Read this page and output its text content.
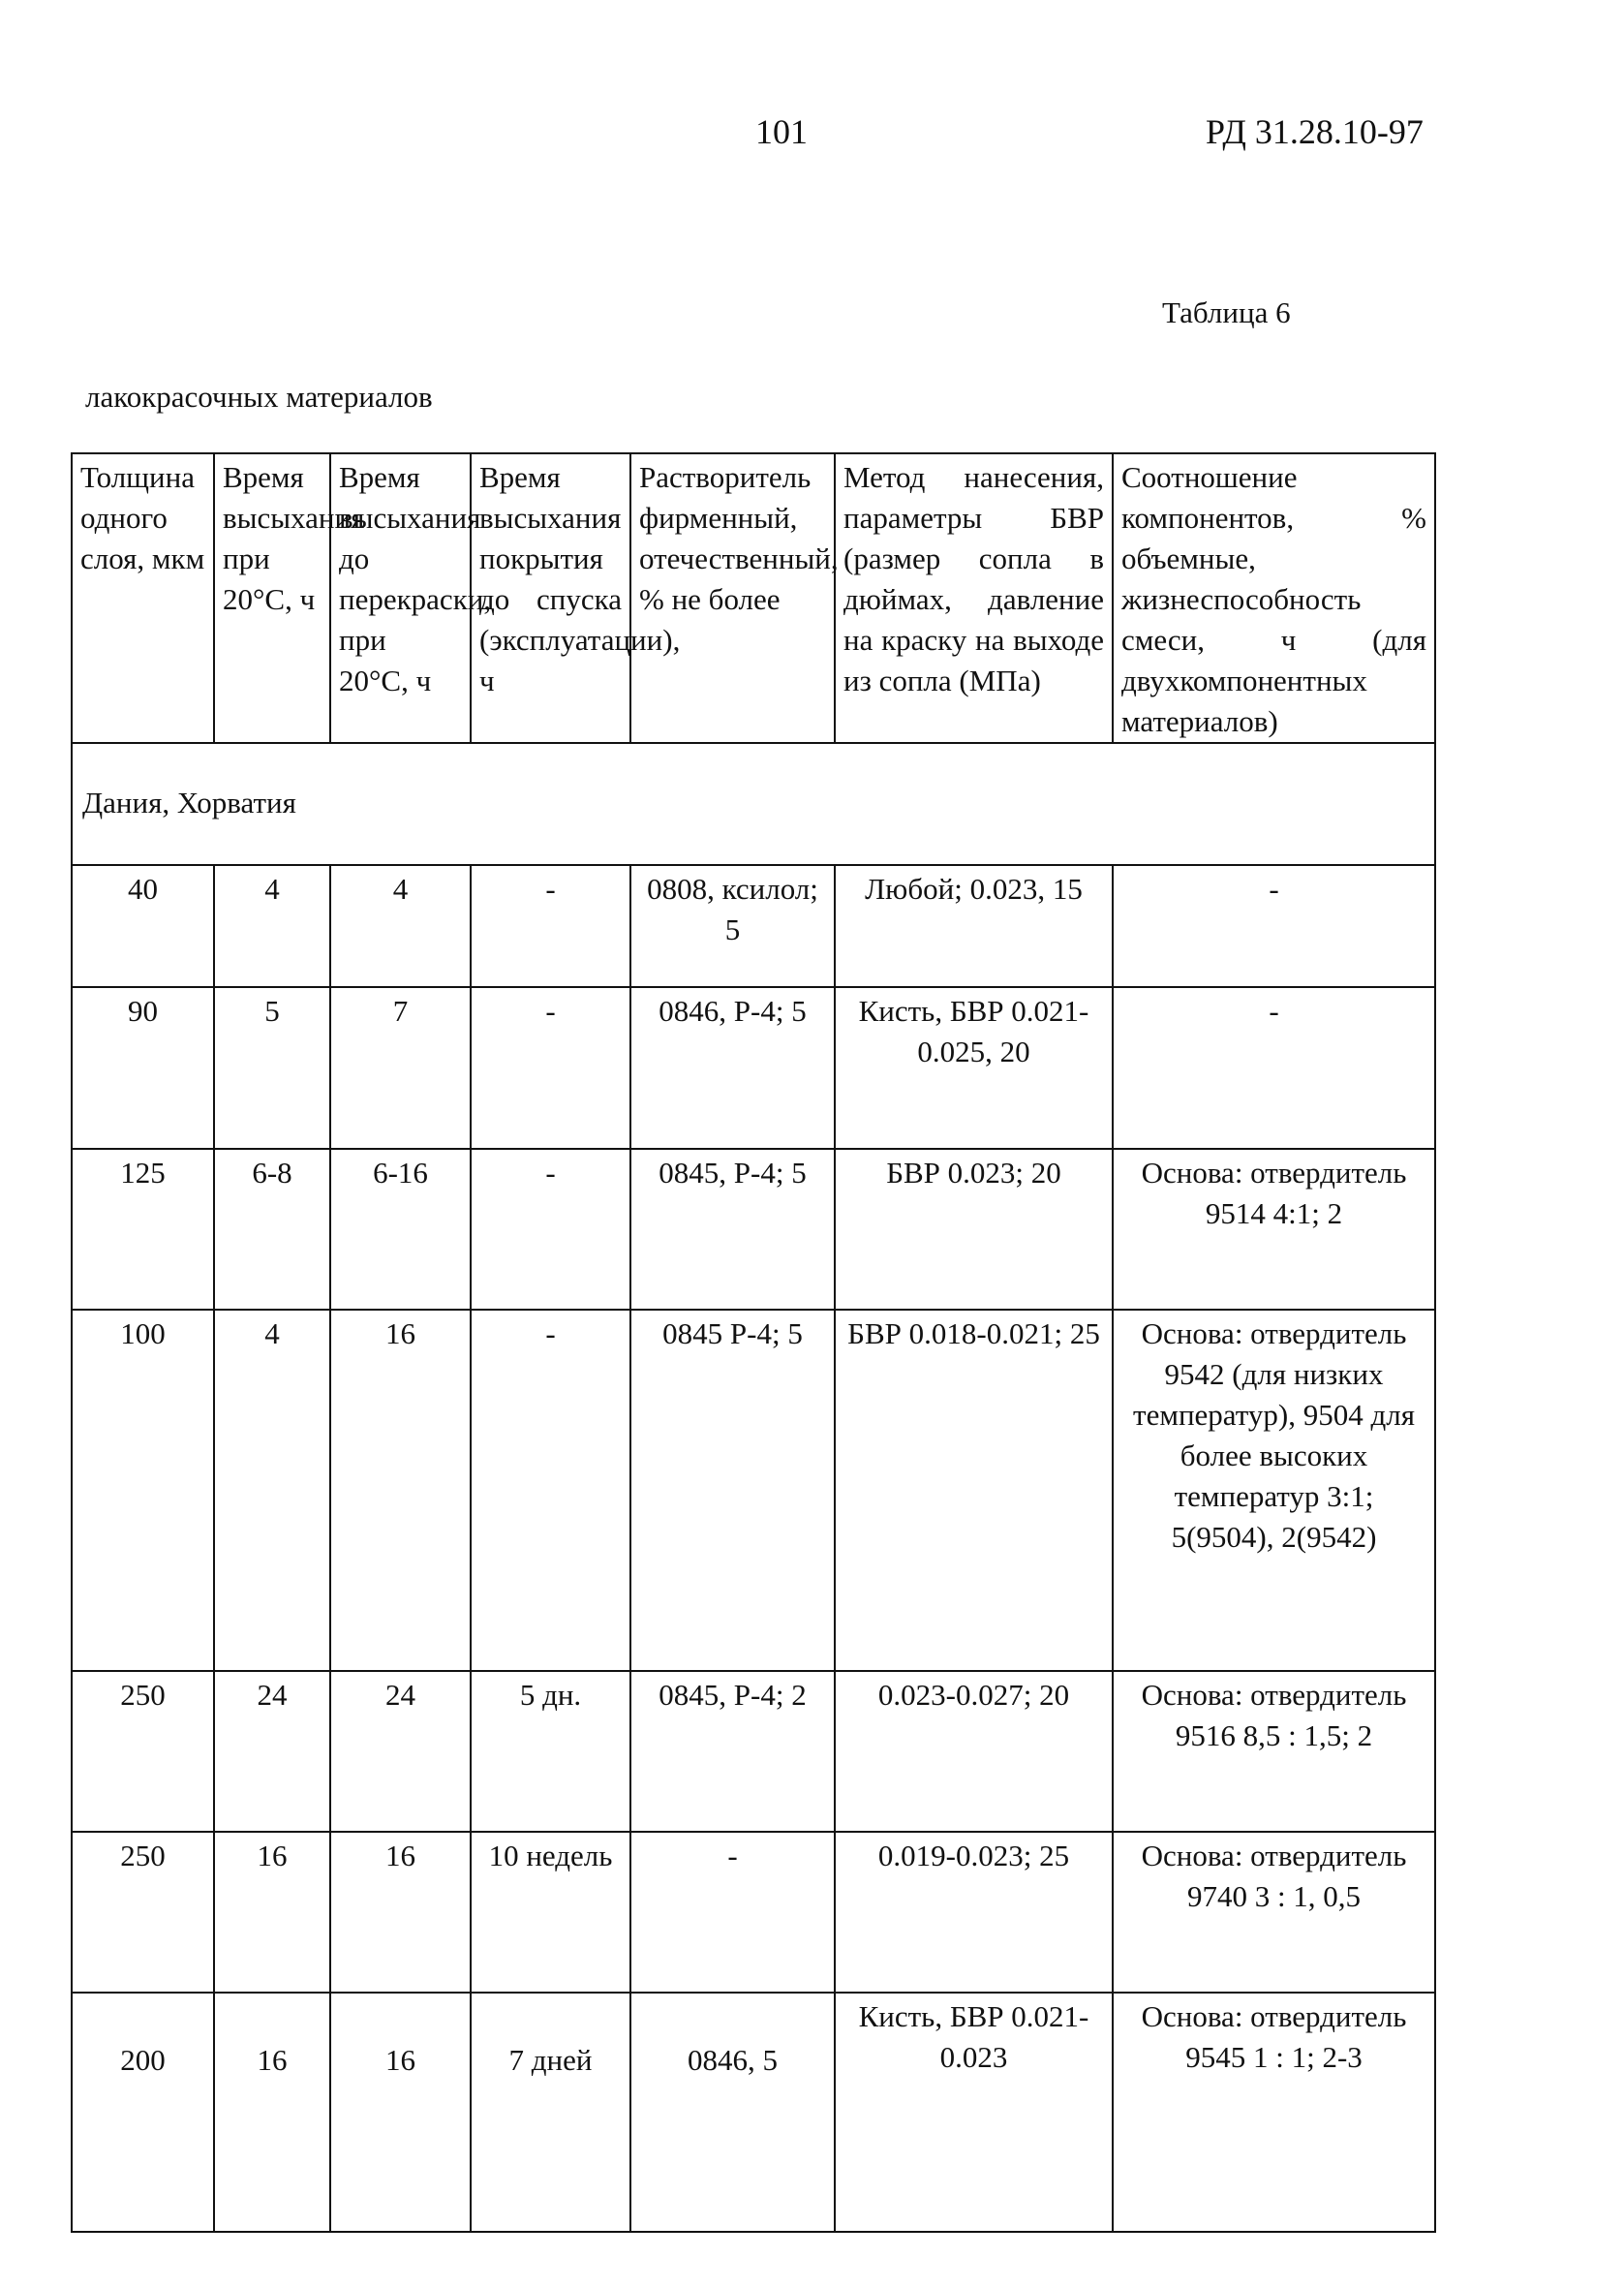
101	РД 31.28.10-97
Таблица 6
лакокрасочных материалов
Толщина одного слоя, мкм	Время высыхания при 20°С, ч	Время высыхания до перекраски, при 20°С, ч	Время высыхания покрытия до спуска (эксплуатации), ч	Растворитель фирменный, отечественный, % не более	Метод нанесения, параметры БВР (размер сопла в дюймах, давление на краску на выходе из сопла (МПа)	Соотношение компонентов, % объемные, жизнеспособность смеси, ч (для двухкомпонентных материалов)
Дания, Хорватия						
40	4	4	-	0808, ксилол; 5	Любой; 0.023, 15	-
90	5	7	-	0846, Р-4; 5	Кисть, БВР 0.021-0.025, 20	-
125	6-8	6-16	-	0845, Р-4; 5	БВР 0.023; 20	Основа: отвердитель 9514 4:1; 2
100	4	16	-	0845 Р-4; 5	БВР 0.018-0.021; 25	Основа: отвердитель 9542 (для низких температур), 9504 для более высоких температур 3:1; 5(9504), 2(9542)
250	24	24	5 дн.	0845, Р-4; 2	0.023-0.027; 20	Основа: отвердитель 9516 8,5 : 1,5; 2
250	16	16	10 недель	-	0.019-0.023; 25	Основа: отвердитель 9740 3 : 1, 0,5
200	16	16	7 дней	0846, 5	Кисть, БВР 0.021-0.023	Основа: отвердитель 9545 1 : 1; 2-3
